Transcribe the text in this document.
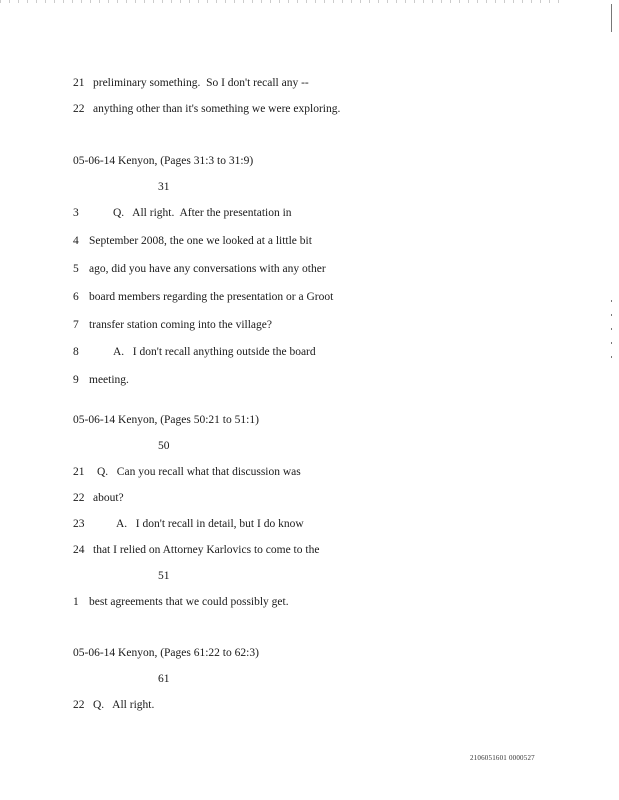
21 preliminary something.  So I don't recall any --
22 anything other than it's something we were exploring.
05-06-14 Kenyon, (Pages 31:3 to 31:9)
31
3	Q.   All right.  After the presentation in
4 September 2008, the one we looked at a little bit
5 ago, did you have any conversations with any other
6 board members regarding the presentation or a Groot
7 transfer station coming into the village?
8	A.   I don't recall anything outside the board
9 meeting.
05-06-14 Kenyon, (Pages 50:21 to 51:1)
50
21 Q.   Can you recall what that discussion was
22 about?
23	A.   I don't recall in detail, but I do know
24 that I relied on Attorney Karlovics to come to the
51
1 best agreements that we could possibly get.
05-06-14 Kenyon, (Pages 61:22 to 62:3)
61
22 Q.   All right.
2106051601 0000527
